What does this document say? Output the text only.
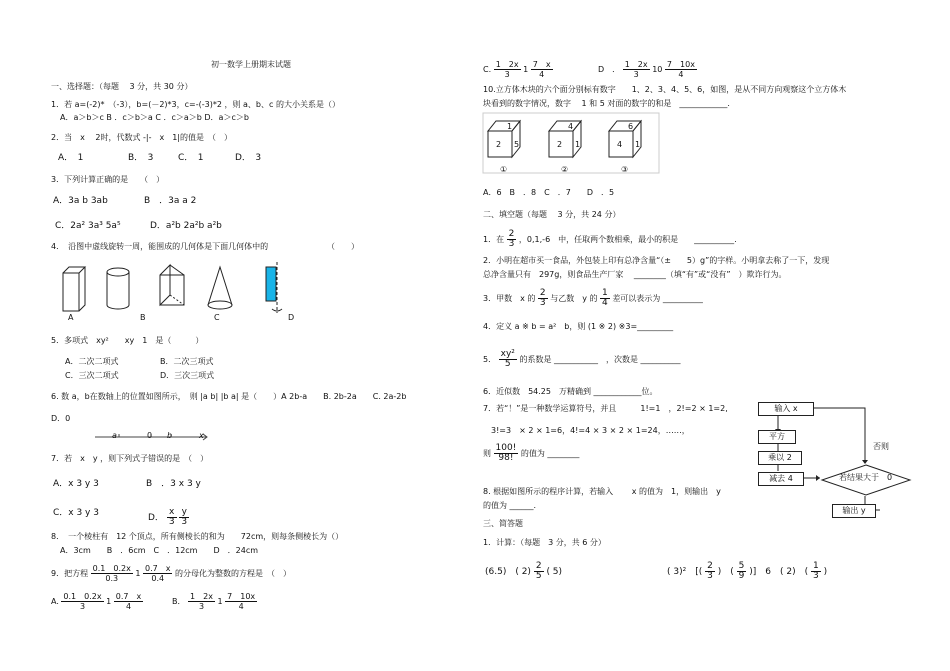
初一数学上册期末试题
一、选择题：（每题 　3 分，共 30 分）
1．若 a=(-2)*　（-3），b=(－2)*3，c=-(-3)*2 ，则 a、b、c 的大小关系是（）
A．a＞b＞c B ．c＞b＞a C ．c＞a＞b D．a＞c＞b
2．当　x　 2时，代数式 -|-　x　1|的值是　（　）
A．　1	B．　3	C．　1	D．　3
3．下列计算正确的是　　（　）
A．3a b 3ab	B　．3a a 2
C．2a² 3a³ 5a⁵	D．a²b 2a²b a²b
4．　沿图中虚线旋转一周，能围成的几何体是下面几何体中的	（　　）
A	B	C	D
5．多项式　xy²　　xy　1　是（　　　）
A．二次二项式	B．二次三项式
C．三次二项式	D．三次三项式
6. 数 a，b在数轴上的位置如图所示，　则 |a b| |b a| 是（　　）A 2b-a　　B. 2b-2a　　C. 2a-2b
D．0
a	0 b	x
7．若　x　y ，则下列式子错误的是　（　）
A．x 3 y 3	B　．3 x 3 y
C．x 3 y 3	D． $\frac{x}{3}$
$\frac{y}{3}$
8．　一个棱柱有　12 个顶点，所有侧棱长的和为　　72cm，则每条侧棱长为（）
A．3cm　　B　．6cm　C　．12cm　　D　．24cm
9．把方程 $\frac{0.1 0.2x}{0.3} 1 \frac{0.7 x}{0.4}$ 的分母化为整数的方程是　（　）
A. $\frac{0.1 0.2x}{3} 1 \frac{0.7 x}{4}$	B． $\frac{1 2x}{3} 1 \frac{7 10x}{4}$
C. $\frac{1 2x}{3} 1 \frac{7 x}{4}$	D　． $\frac{1 2x}{3} 10 \frac{7 10x}{4}$
10.立方体木块的六个面分别标有数字　　1、2、3、4、5、6，如图，是从不同方向观察这个立方体木
块看到的数字情况，数字　 1 和 5 对面的数字的和是　____________.
1
2 5
4
2 1
6
4 1
①	②	③
A．6　B　．8　C　．7　　D　．5
二、填空题（每题　 3 分，共 24 分）
1．在 $\frac{2}{3}$ ，0,1,-6　中，任取两个数相乘，最小的积是　　__________.
2．小明在超市买一食品，外包装上印有总净含量“（±　　5）g”的字样。小明拿去称了一下，发现
总净含量只有　297g，则食品生产厂家　 ________（填“有”或“没有”　）欺诈行为。
3．甲数　x 的 $\frac{2}{3}$ 与乙数　y 的 $\frac{1}{4}$ 差可以表示为 __________
4．定义 a ※ b = a²　b，则 (1 ※ 2) ※3=_________
5． $\frac{\text{xy²}}{5}$ 的系数是 ___________　，次数是 __________
6．近似数　54.25　万精确到 ____________位。
7．若“！”是一种数学运算符号，并且　　　1!=1　，2!=2 × 1=2,
3!=3　× 2 × 1=6，4!=4 × 3 × 2 × 1=24，……，
则 $\frac{100!}{98!}$ 的值为 ________
8. 根据如图所示的程序计算，若输入　　 x 的值为　1，则输出　y
的值为 ______.
输入 x
平方
乘以 2
减去 4	若结果大于　0
否则
输出 y
三、简答题
1．计算：（每题　3 分，共 6 分）
(6.5)　( $2) \frac{2}{5}$ ( 5)	( 3)²　[( $\frac{2}{3}$ )　( $\frac{5}{9}$ )]　6　( 2)　( $\frac{1}{3}$ )
